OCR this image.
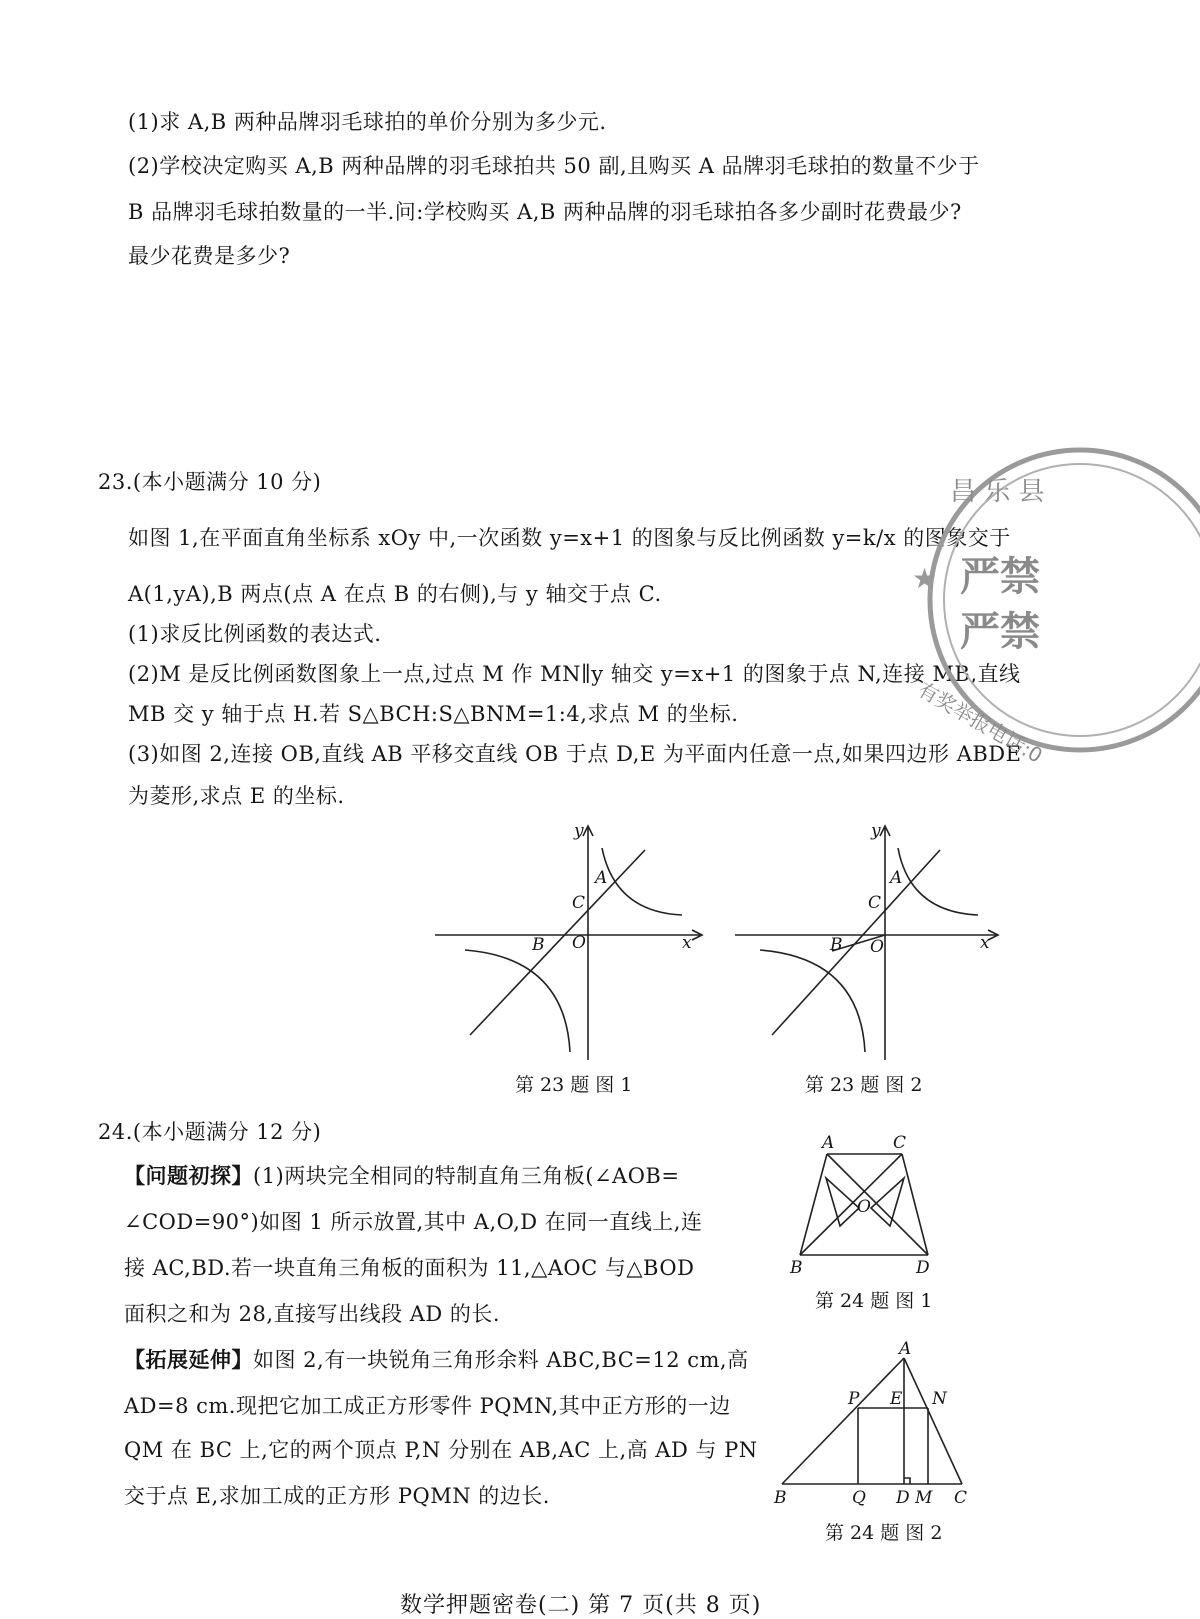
(1)求 A,B 两种品牌羽毛球拍的单价分别为多少元.
(2)学校决定购买 A,B 两种品牌的羽毛球拍共 50 副,且购买 A 品牌羽毛球拍的数量不少于
B 品牌羽毛球拍数量的一半.问:学校购买 A,B 两种品牌的羽毛球拍各多少副时花费最少?
最少花费是多少?
23.(本小题满分 10 分)
如图 1,在平面直角坐标系 xOy 中,一次函数 y=x+1 的图象与反比例函数 y=k/x 的图象交于
A(1,yA),B 两点(点 A 在点 B 的右侧),与 y 轴交于点 C.
(1)求反比例函数的表达式.
(2)M 是反比例函数图象上一点,过点 M 作 MN∥y 轴交 y=x+1 的图象于点 N,连接 MB,直线
MB 交 y 轴于点 H.若 S△BCH:S△BNM=1:4,求点 M 的坐标.
(3)如图 2,连接 OB,直线 AB 平移交直线 OB 于点 D,E 为平面内任意一点,如果四边形 ABDE
为菱形,求点 E 的坐标.
y
x
A
C
B O
第 23 题 图 1
y
x
A
C
B O
第 23 题 图 2
昌 乐 县
★ 严禁
严禁
有奖举报电话:0
24.(本小题满分 12 分)
【问题初探】(1)两块完全相同的特制直角三角板(∠AOB=
∠COD=90°)如图 1 所示放置,其中 A,O,D 在同一直线上,连
接 AC,BD.若一块直角三角板的面积为 11,△AOC 与△BOD
面积之和为 28,直接写出线段 AD 的长.
【拓展延伸】如图 2,有一块锐角三角形余料 ABC,BC=12 cm,高
AD=8 cm.现把它加工成正方形零件 PQMN,其中正方形的一边
QM 在 BC 上,它的两个顶点 P,N 分别在 AB,AC 上,高 AD 与 PN
交于点 E,求加工成的正方形 PQMN 的边长.
A	C
O
B	D
第 24 题 图 1
A
P E N
B	Q D M C
第 24 题 图 2
数学押题密卷(二) 第 7 页(共 8 页)
